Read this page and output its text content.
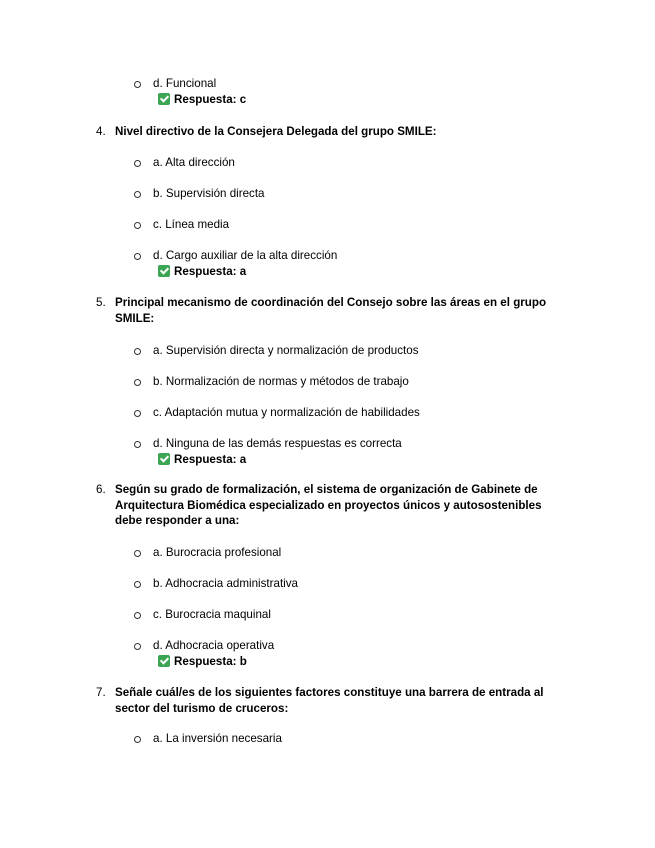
d. Funcional
Respuesta:
c
4. Nivel directivo de la Consejera Delegada del grupo SMILE:
a. Alta dirección
b. Supervisión directa
c. Línea media
d. Cargo auxiliar de la alta dirección
Respuesta:
a
5. Principal mecanismo de coordinación del Consejo sobre las áreas en el grupo SMILE:
a. Supervisión directa y normalización de productos
b. Normalización de normas y métodos de trabajo
c. Adaptación mutua y normalización de habilidades
d. Ninguna de las demás respuestas es correcta
Respuesta:
a
6. Según su grado de formalización, el sistema de organización de Gabinete de Arquitectura Biomédica especializado en proyectos únicos y autosostenibles debe responder a una:
a. Burocracia profesional
b. Adhocracia administrativa
c. Burocracia maquinal
d. Adhocracia operativa
Respuesta:
b
7. Señale cuál/es de los siguientes factores constituye una barrera de entrada al sector del turismo de cruceros:
a. La inversión necesaria
